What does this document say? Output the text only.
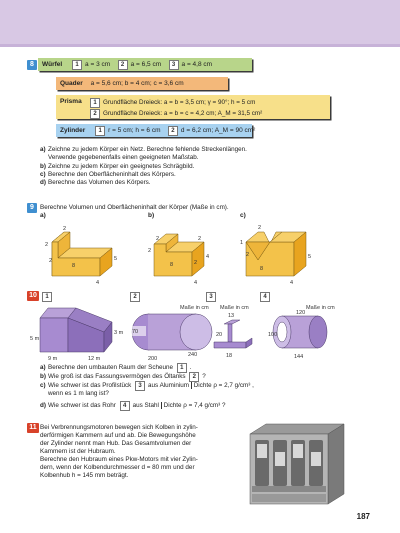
8	Würfel 1 a = 3 cm 2 a = 6,5 cm 3 a = 4,8 cm
Quader a = 5,6 cm; b = 4 cm; c = 3,6 cm
Prisma	1 Grundfläche Dreieck: a = b = 3,5 cm; γ = 90°; h = 5 cm
2 Grundfläche Dreieck: a = b = c = 4,2 cm; A_M = 31,5 cm²
Zylinder 1 r = 5 cm; h = 6 cm 2 d = 6,2 cm; A_M = 90 cm²
a) Zeichne zu jedem Körper ein Netz. Berechne fehlende Streckenlängen.
Verwende gegebenenfalls einen geeigneten Maßstab.
b) Zeichne zu jedem Körper ein geeignetes Schrägbild.
c) Berechne den Oberflächeninhalt des Körpers.
d) Berechne das Volumen des Körpers.
9 Berechne Volumen und Oberflächeninhalt der Körper (Maße in cm).
a)	b)	c)
2
2
2
8
5
4
2
2
2
8
4
2
4
2
1
2
8
5
4
10	1	2	3	4
5 m
3 m
9 m	12 m
Maße in cm
70
200
240
Maße in cm
13
20
18
Maße in cm
120
100
144
a) Berechne den umbauten Raum der Scheune 1 .
b) Wie groß ist das Fassungsvermögen des Öltanks 2 ?
c) Wie schwer ist das Profilstück 3 aus Aluminium Dichte ρ = 2,7 g/cm³ ,
wenn es 1 m lang ist?
d) Wie schwer ist das Rohr 4 aus Stahl Dichte ρ = 7,4 g/cm³ ?
11 Bei Verbrennungsmotoren bewegen sich Kolben in zylin-
derförmigen Kammern auf und ab. Die Bewegungshöhe
der Zylinder nennt man Hub. Das Gesamtvolumen der
Kammern ist der Hubraum.
Berechne den Hubraum eines Pkw-Motors mit vier Zylin-
dern, wenn der Kolbendurchmesser d = 80 mm und der
Kolbenhub h = 145 mm beträgt.
187
